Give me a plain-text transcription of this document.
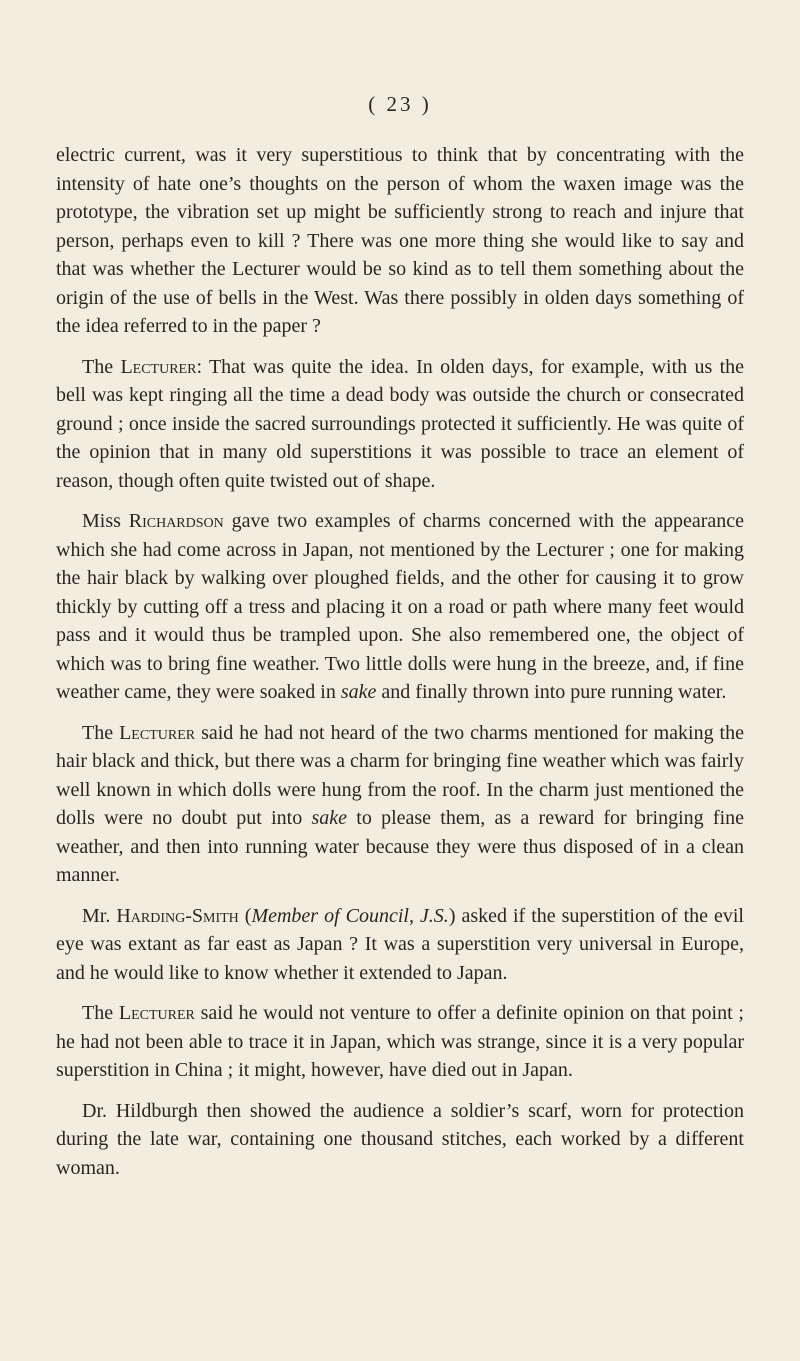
( 23 )

electric current, was it very superstitious to think that by concentrating with the intensity of hate one’s thoughts on the person of whom the waxen image was the prototype, the vibration set up might be sufficiently strong to reach and injure that person, perhaps even to kill ? There was one more thing she would like to say and that was whether the Lecturer would be so kind as to tell them something about the origin of the use of bells in the West. Was there possibly in olden days something of the idea referred to in the paper ?

The Lecturer: That was quite the idea. In olden days, for example, with us the bell was kept ringing all the time a dead body was outside the church or consecrated ground ; once inside the sacred surroundings protected it sufficiently. He was quite of the opinion that in many old superstitions it was possible to trace an element of reason, though often quite twisted out of shape.

Miss Richardson gave two examples of charms concerned with the appearance which she had come across in Japan, not mentioned by the Lecturer ; one for making the hair black by walking over ploughed fields, and the other for causing it to grow thickly by cutting off a tress and placing it on a road or path where many feet would pass and it would thus be trampled upon. She also remembered one, the object of which was to bring fine weather. Two little dolls were hung in the breeze, and, if fine weather came, they were soaked in sake and finally thrown into pure running water.

The Lecturer said he had not heard of the two charms mentioned for making the hair black and thick, but there was a charm for bringing fine weather which was fairly well known in which dolls were hung from the roof. In the charm just mentioned the dolls were no doubt put into sake to please them, as a reward for bringing fine weather, and then into running water because they were thus disposed of in a clean manner.

Mr. Harding-Smith (Member of Council, J.S.) asked if the superstition of the evil eye was extant as far east as Japan ? It was a superstition very universal in Europe, and he would like to know whether it extended to Japan.

The Lecturer said he would not venture to offer a definite opinion on that point ; he had not been able to trace it in Japan, which was strange, since it is a very popular superstition in China ; it might, however, have died out in Japan.

Dr. Hildburgh then showed the audience a soldier’s scarf, worn for protection during the late war, containing one thousand stitches, each worked by a different woman.
